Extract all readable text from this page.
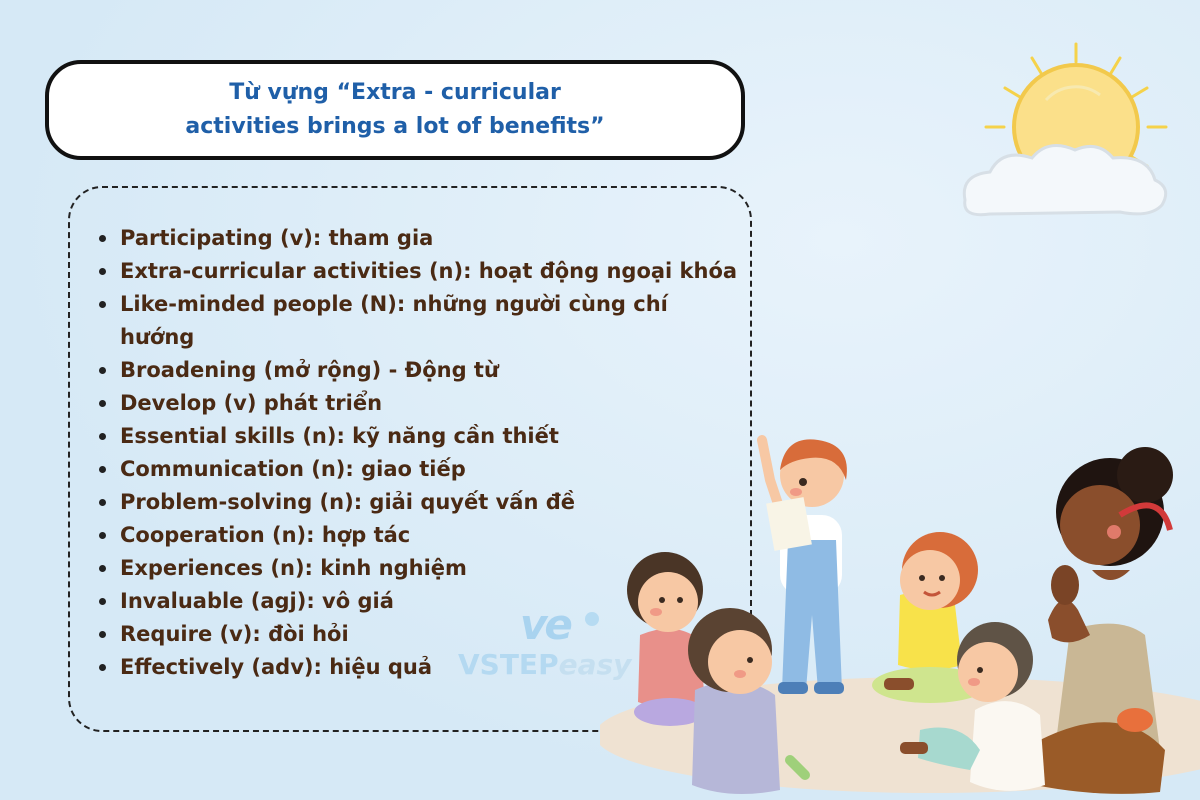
Từ vựng “Extra - curricular
activities brings a lot of benefits”
Participating (v): tham gia
Extra-curricular activities (n): hoạt động ngoại khóa
Like-minded people (N): những người cùng chí
hướng
Broadening (mở rộng) - Động từ
Develop (v) phát triển
Essential skills (n): kỹ năng cần thiết
Communication (n): giao tiếp
Problem-solving (n): giải quyết vấn đề
Cooperation (n): hợp tác
Experiences (n): kinh nghiệm
Invaluable (agj): vô giá
Require (v): đòi hỏi
Effectively (adv): hiệu quả
ve
VSTEPeasy
